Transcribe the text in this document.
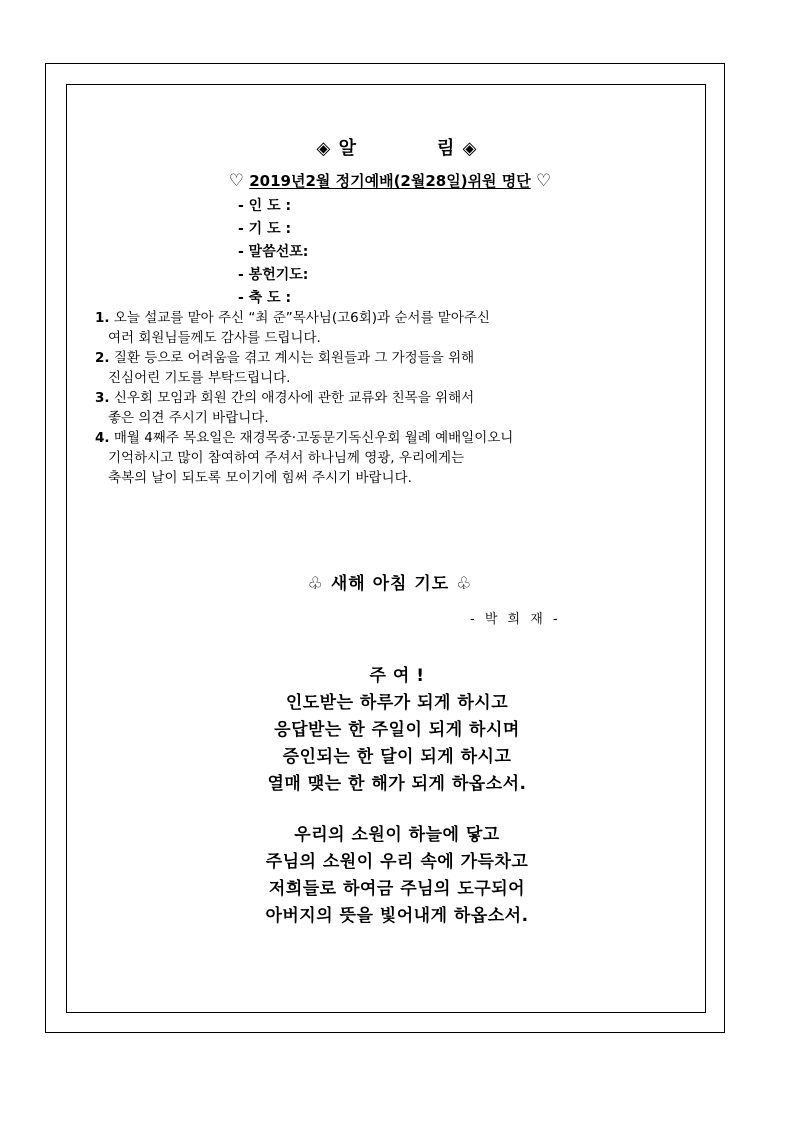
◈ 알	림 ◈
♡ 2019년2월 정기예배(2월28일)위원 명단 ♡
- 인 도 :
- 기 도 :
- 말씀선포:
- 봉헌기도:
- 축 도 :
1. 오늘 설교를 맡아 주신 “최 준”목사님(고6회)과 순서를 맡아주신
여러 회원님들께도 감사를 드립니다.
2. 질환 등으로 어려움을 겪고 계시는 회원들과 그 가정들을 위해
진심어린 기도를 부탁드립니다.
3. 신우회 모임과 회원 간의 애경사에 관한 교류와 친목을 위해서
좋은 의견 주시기 바랍니다.
4. 매월 4째주 목요일은 재경목중·고동문기독신우회 월례 예배일이오니
기억하시고 많이 참여하여 주셔서 하나님께 영광, 우리에게는
축복의 날이 되도록 모이기에 힘써 주시기 바랍니다.
♧ 새해 아침 기도 ♧
- 박 희 재 -
주 여 !
인도받는 하루가 되게 하시고
응답받는 한 주일이 되게 하시며
증인되는 한 달이 되게 하시고
열매 맺는 한 해가 되게 하옵소서.
우리의 소원이 하늘에 닿고
주님의 소원이 우리 속에 가득차고
저희들로 하여금 주님의 도구되어
아버지의 뜻을 빛어내게 하옵소서.
